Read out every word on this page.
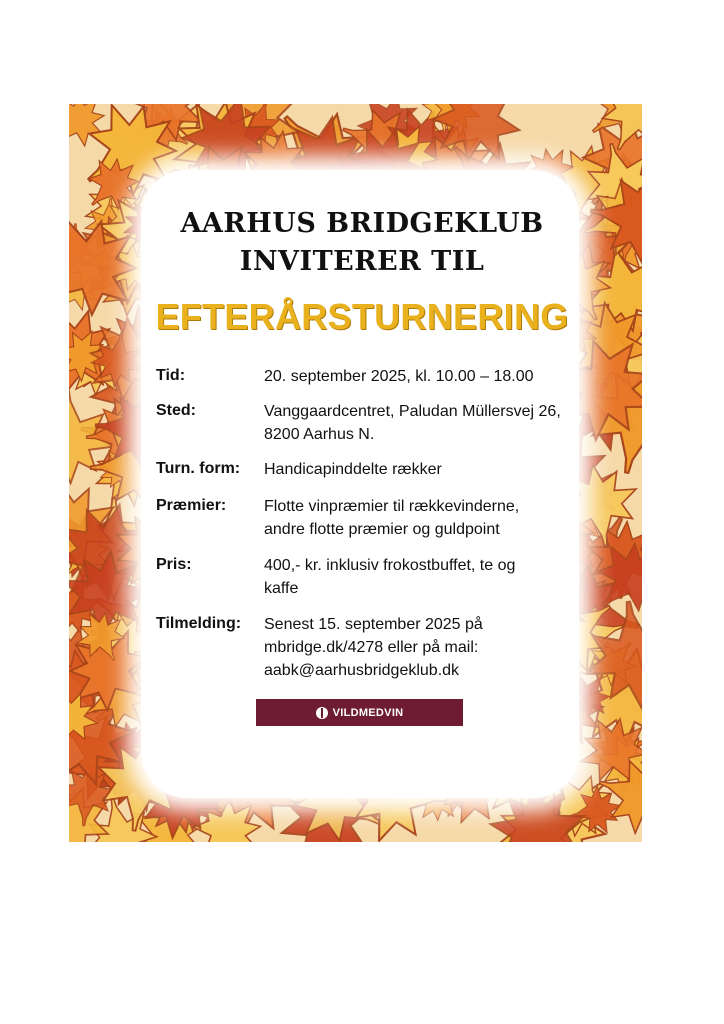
AARHUS BRIDGEKLUB
INVITERER TIL
EFTERÅRSTURNERING
Tid:	20. september 2025, kl. 10.00 – 18.00
Sted:	Vanggaardcentret, Paludan Müllersvej 26, 8200 Aarhus N.
Turn. form: Handicapinddelte rækker
Præmier: Flotte vinpræmier til rækkevinderne, andre flotte præmier og guldpoint
Pris:	400,- kr. inklusiv frokostbuffet, te og kaffe
Tilmelding: Senest 15. september 2025 på mbridge.dk/4278 eller på mail: aabk@aarhusbridgeklub.dk
VILDMEDVIN
